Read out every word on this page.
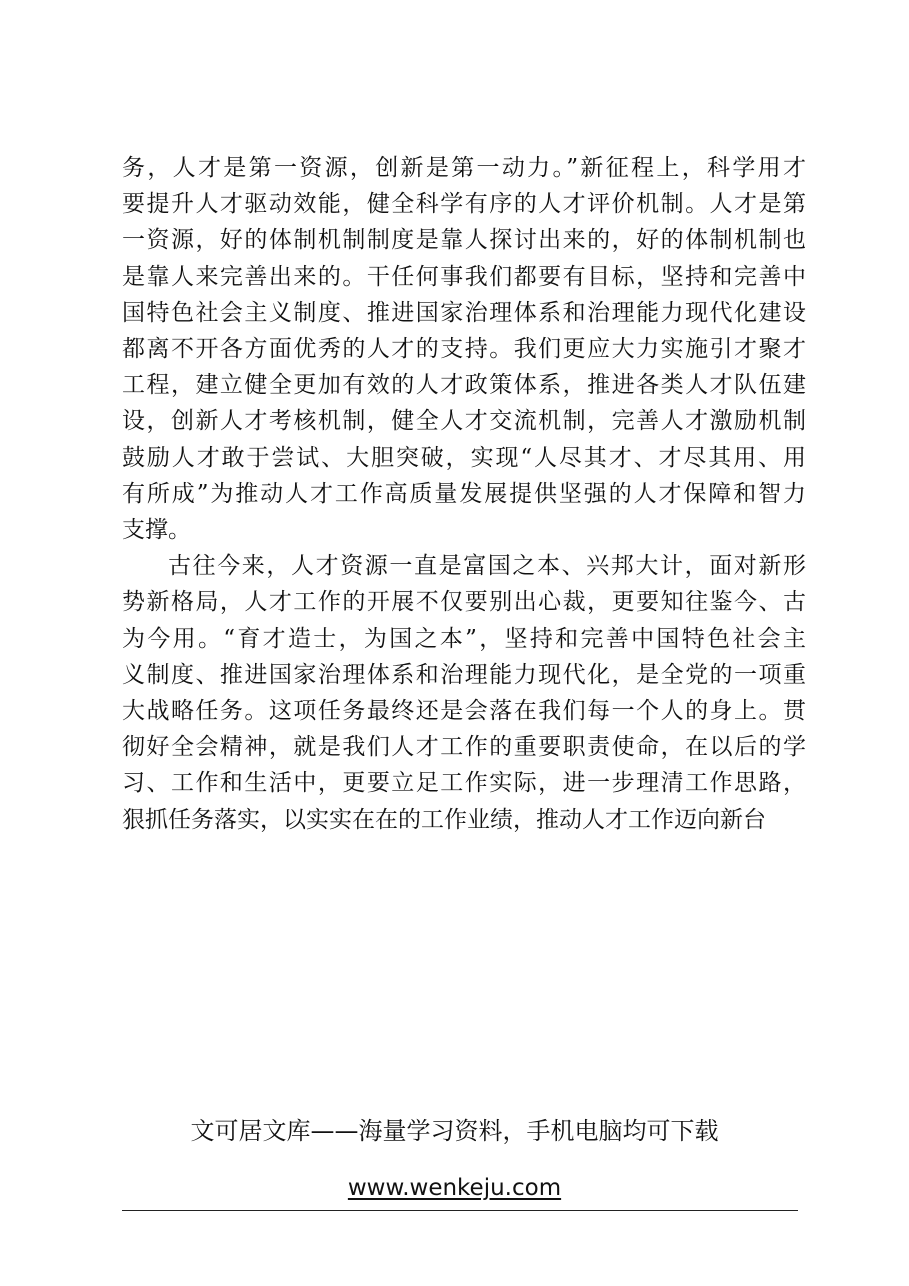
务，人才是第一资源，创新是第一动力。”新征程上，科学用才
要提升人才驱动效能，健全科学有序的人才评价机制。人才是第
一资源，好的体制机制制度是靠人探讨出来的，好的体制机制也
是靠人来完善出来的。干任何事我们都要有目标，坚持和完善中
国特色社会主义制度、推进国家治理体系和治理能力现代化建设
都离不开各方面优秀的人才的支持。我们更应大力实施引才聚才
工程，建立健全更加有效的人才政策体系，推进各类人才队伍建
设，创新人才考核机制，健全人才交流机制，完善人才激励机制
鼓励人才敢于尝试、大胆突破，实现“人尽其才、才尽其用、用
有所成”为推动人才工作高质量发展提供坚强的人才保障和智力
支撑。
古往今来，人才资源一直是富国之本、兴邦大计，面对新形
势新格局，人才工作的开展不仅要别出心裁，更要知往鉴今、古
为今用。“育才造士，为国之本”，坚持和完善中国特色社会主
义制度、推进国家治理体系和治理能力现代化，是全党的一项重
大战略任务。这项任务最终还是会落在我们每一个人的身上。贯
彻好全会精神，就是我们人才工作的重要职责使命，在以后的学
习、工作和生活中，更要立足工作实际，进一步理清工作思路，
狠抓任务落实，以实实在在的工作业绩，推动人才工作迈向新台
文可居文库——海量学习资料，手机电脑均可下载
www.wenkeju.com
